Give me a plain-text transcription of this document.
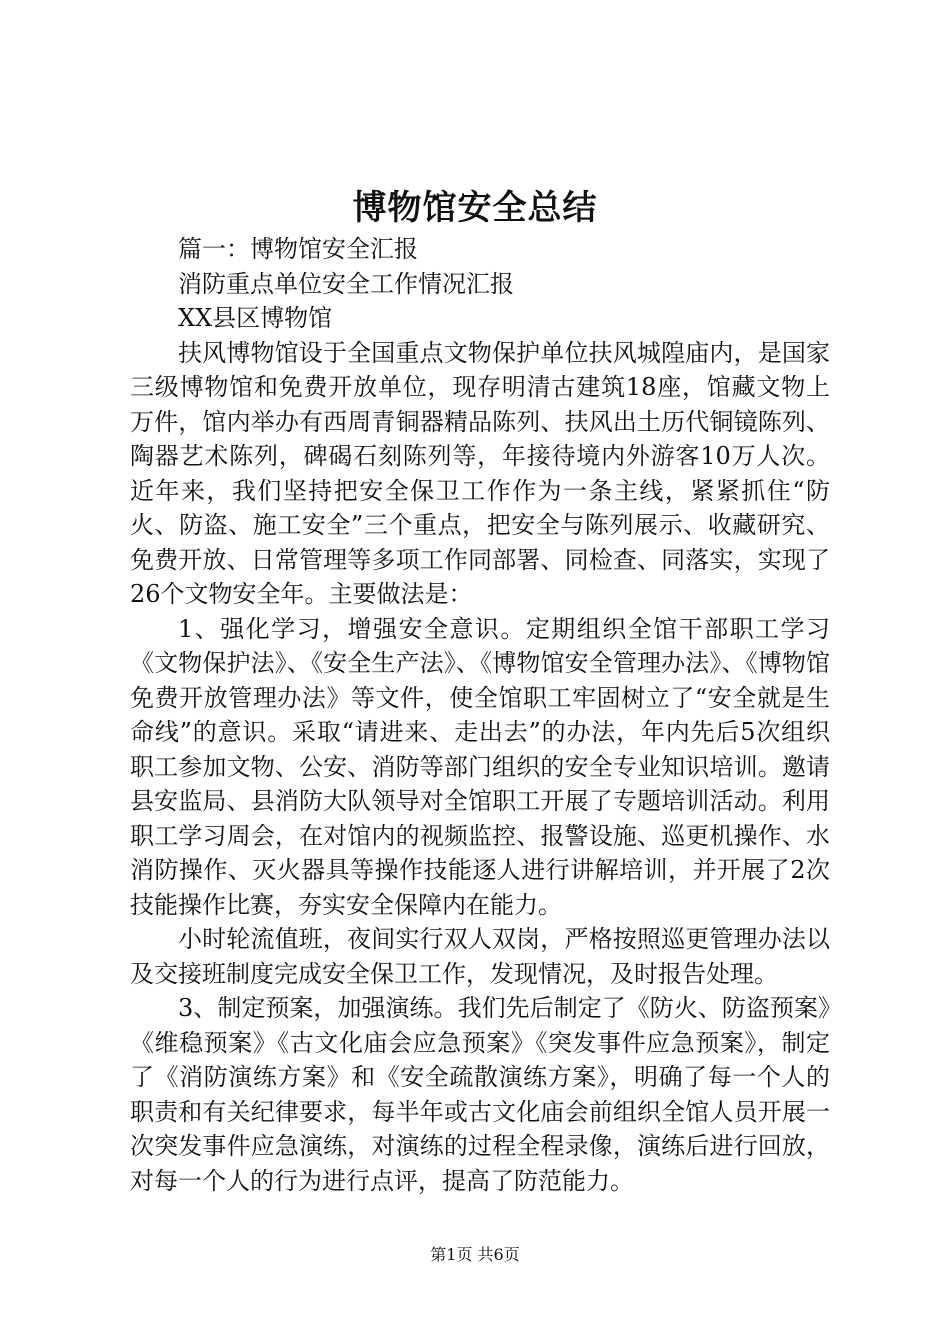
博物馆安全总结

篇一：博物馆安全汇报

消防重点单位安全工作情况汇报

XX县区博物馆

扶风博物馆设于全国重点文物保护单位扶风城隍庙内，是国家三级博物馆和免费开放单位，现存明清古建筑18座，馆藏文物上万件，馆内举办有西周青铜器精品陈列、扶风出土历代铜镜陈列、陶器艺术陈列，碑碣石刻陈列等，年接待境内外游客10万人次。近年来，我们坚持把安全保卫工作作为一条主线，紧紧抓住“防火、防盗、施工安全”三个重点，把安全与陈列展示、收藏研究、免费开放、日常管理等多项工作同部署、同检查、同落实，实现了26个文物安全年。主要做法是：

1、强化学习，增强安全意识。定期组织全馆干部职工学习《文物保护法》、《安全生产法》、《博物馆安全管理办法》、《博物馆免费开放管理办法》等文件，使全馆职工牢固树立了“安全就是生命线”的意识。采取“请进来、走出去”的办法，年内先后5次组织职工参加文物、公安、消防等部门组织的安全专业知识培训。邀请县安监局、县消防大队领导对全馆职工开展了专题培训活动。利用职工学习周会，在对馆内的视频监控、报警设施、巡更机操作、水消防操作、灭火器具等操作技能逐人进行讲解培训，并开展了2次技能操作比赛，夯实安全保障内在能力。

小时轮流值班，夜间实行双人双岗，严格按照巡更管理办法以及交接班制度完成安全保卫工作，发现情况，及时报告处理。

3、制定预案，加强演练。我们先后制定了《防火、防盗预案》《维稳预案》《古文化庙会应急预案》《突发事件应急预案》，制定了《消防演练方案》和《安全疏散演练方案》，明确了每一个人的职责和有关纪律要求，每半年或古文化庙会前组织全馆人员开展一次突发事件应急演练，对演练的过程全程录像，演练后进行回放，对每一个人的行为进行点评，提高了防范能力。

第1页 共6页
